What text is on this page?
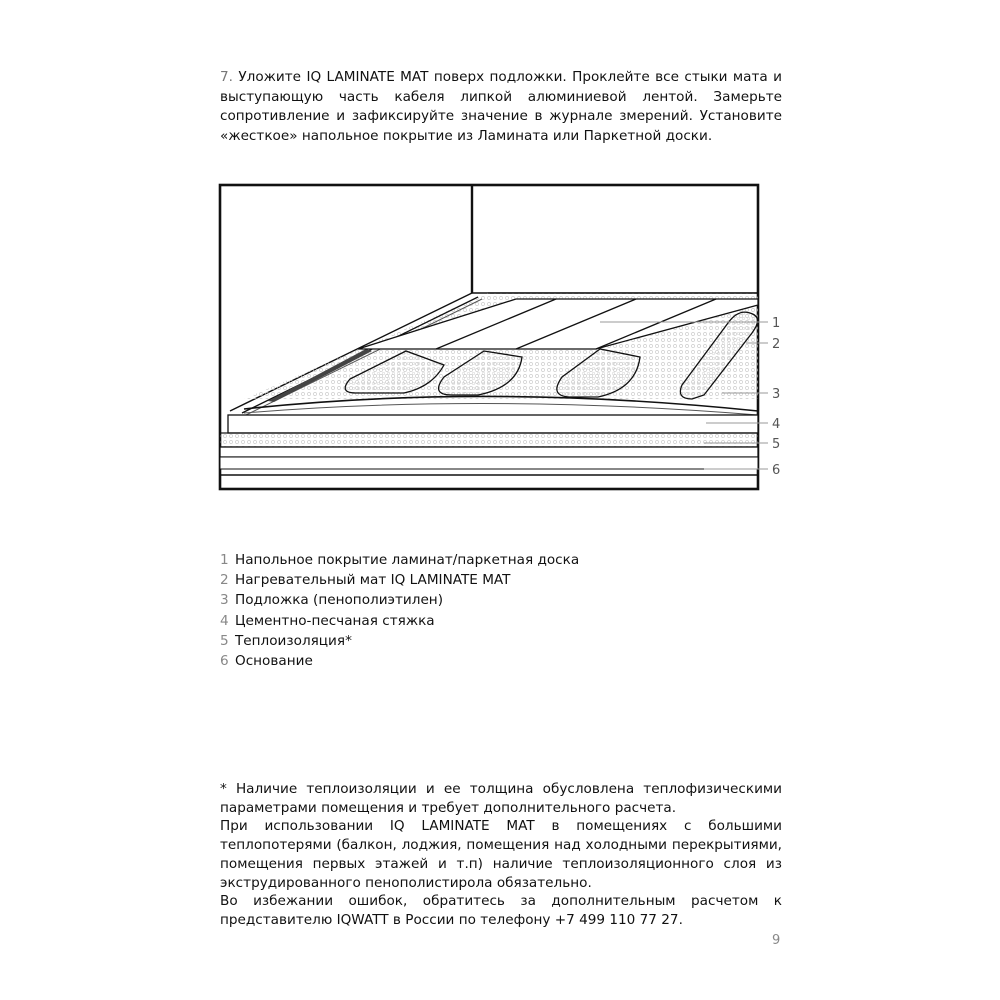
7. Уложите IQ LAMINATE MAT поверх подложки. Проклейте все стыки мата и выступающую часть кабеля липкой алюминиевой лентой. Замерьте сопротивление и зафиксируйте значение в журнале змерений. Установите «жесткое» напольное покрытие из Ламината или Паркетной доски.

1
2
3
4
5
6
1 Напольное покрытие ламинат/паркетная доска
2 Нагревательный мат IQ LAMINATE MAT
3 Подложка (пенополиэтилен)
4 Цементно-песчаная стяжка
5 Теплоизоляция*
6 Основание

* Наличие теплоизоляции и ее толщина обусловлена теплофизическими параметрами помещения и требует дополнительного расчета.

При использовании IQ LAMINATE MAT в помещениях с большими теплопотерями (балкон, лоджия, помещения над холодными перекрытиями, помещения первых этажей и т.п) наличие теплоизоляционного слоя из экструдированного пенополистирола обязательно.

Во избежании ошибок, обратитесь за дополнительным расчетом к представителю IQWATT в России по телефону +7 499 110 77 27.

9
